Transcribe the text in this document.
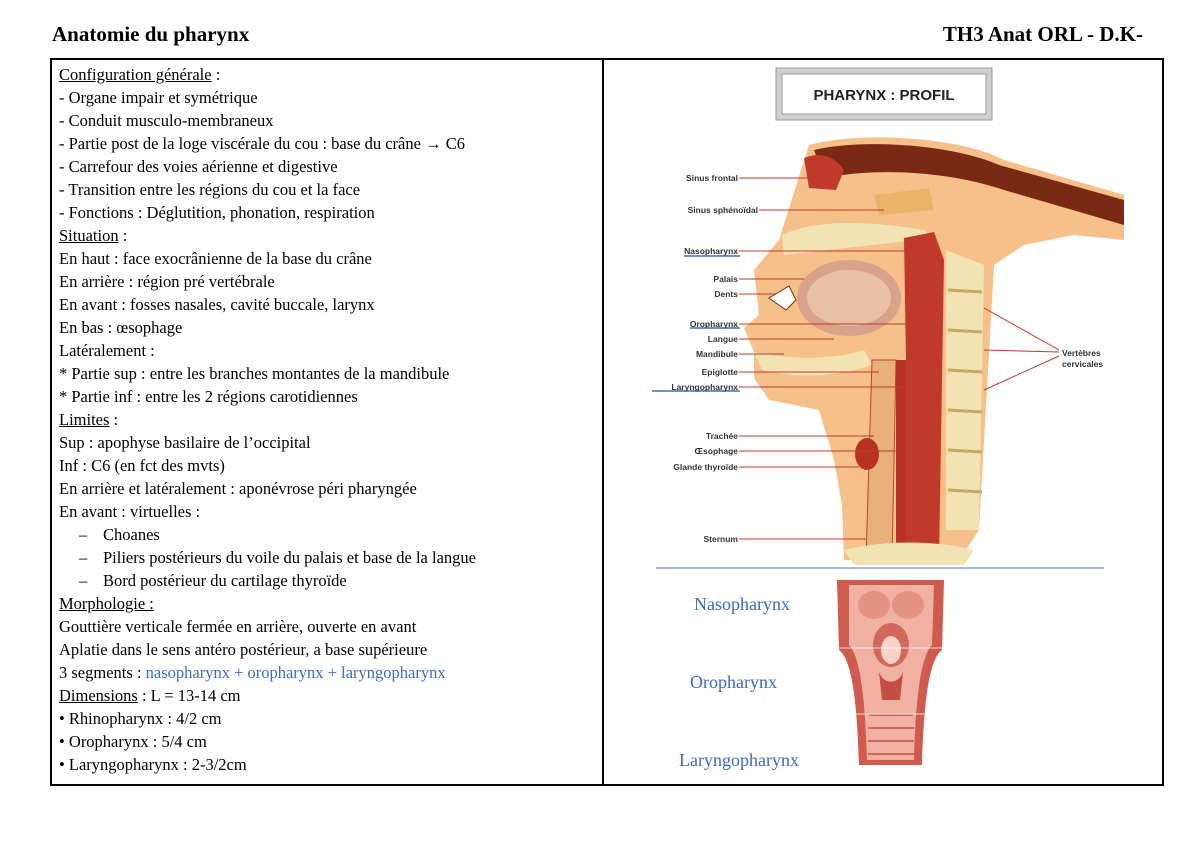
Anatomie du pharynx	TH3 Anat ORL - D.K-
Configuration générale :
- Organe impair et symétrique
- Conduit musculo-membraneux
- Partie post de la loge viscérale du cou : base du crâne → C6
- Carrefour des voies aérienne et digestive
- Transition entre les régions du cou et la face
- Fonctions : Déglutition, phonation, respiration
Situation :
En haut : face exocrânienne de la base du crâne
En arrière : région pré vertébrale
En avant : fosses nasales, cavité buccale, larynx
En bas : œsophage
Latéralement :
* Partie sup : entre les branches montantes de la mandibule
* Partie inf : entre les 2 régions carotidiennes
Limites :
Sup : apophyse basilaire de l’occipital
Inf : C6 (en fct des mvts)
En arrière et latéralement : aponévrose péri pharyngée
En avant : virtuelles :
– Choanes
– Piliers postérieurs du voile du palais et base de la langue
– Bord postérieur du cartilage thyroïde
Morphologie :
Gouttière verticale fermée en arrière, ouverte en avant
Aplatie dans le sens antéro postérieur, a base supérieure
3 segments : nasopharynx + oropharynx + laryngopharynx
Dimensions : L = 13-14 cm
• Rhinopharynx : 4/2 cm
• Oropharynx : 5/4 cm
• Laryngopharynx : 2-3/2cm
PHARYNX : PROFIL
Sinus frontal
Sinus sphénoïdal
Nasopharynx
Palais
Dents
Oropharynx
Langue
Mandibule
Epiglotte
Laryngopharynx
Trachée
Œsophage
Glande thyroïde
Sternum
Vertèbres
cervicales
Nasopharynx
Oropharynx
Laryngopharynx
